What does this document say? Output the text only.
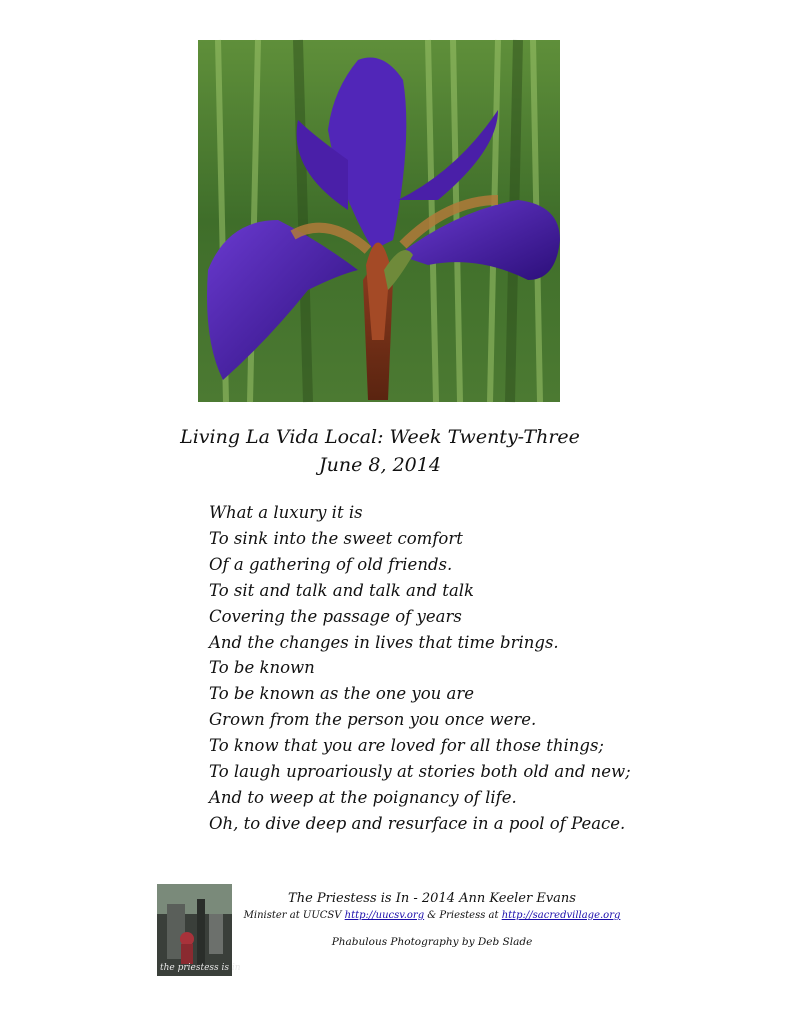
Living La Vida Local: Week Twenty-Three
June 8, 2014
What a luxury it is
To sink into the sweet comfort
Of a gathering of old friends.
To sit and talk and talk and talk
Covering the passage of years
And the changes in lives that time brings.
To be known
To be known as the one you are
Grown from the person you once were.
To know that you are loved for all those things;
To laugh uproariously at stories both old and new;
And to weep at the poignancy of life.
Oh, to dive deep and resurface in a pool of Peace.
the priestess is in
The Priestess is In - 2014 Ann Keeler Evans
Minister at UUCSV http://uucsv.org & Priestess at http://sacredvillage.org
Phabulous Photography by Deb Slade
